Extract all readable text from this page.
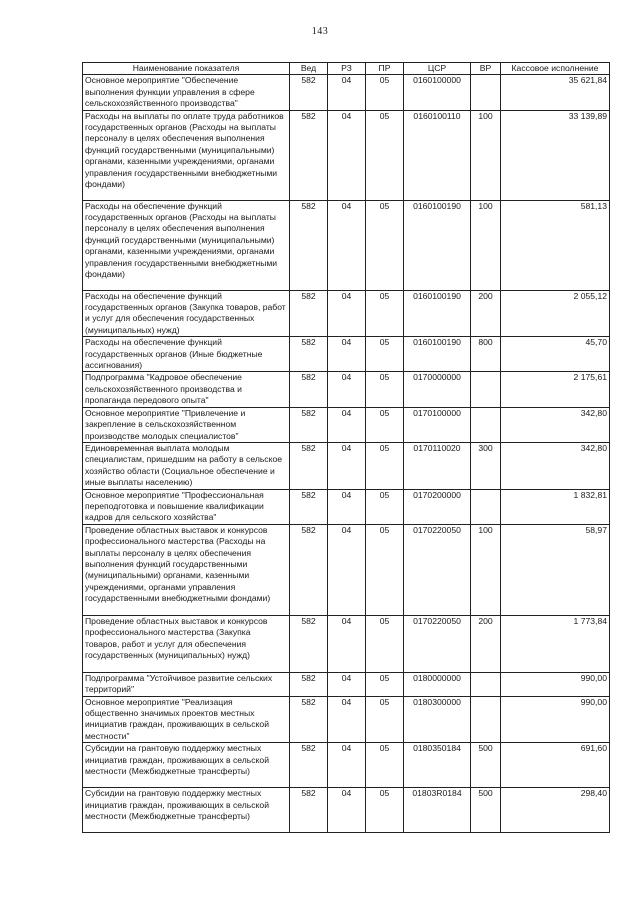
143
Наименование показателя	Вед	РЗ	ПР	ЦСР	ВР	Кассовое исполнение
Основное мероприятие "Обеспечение выполнения функции управления в сфере сельскохозяйственного производства"	582	04	05	0160100000		35 621,84
Расходы на выплаты по оплате труда работников государственных органов (Расходы на выплаты персоналу в целях обеспечения выполнения функций государственными (муниципальными) органами, казенными учреждениями, органами управления государственными внебюджетными фондами)	582	04	05	0160100110	100	33 139,89
Расходы на обеспечение функций государственных органов (Расходы на выплаты персоналу в целях обеспечения выполнения функций государственными (муниципальными) органами, казенными учреждениями, органами управления государственными внебюджетными фондами)	582	04	05	0160100190	100	581,13
Расходы на обеспечение функций государственных органов (Закупка товаров, работ и услуг для обеспечения государственных (муниципальных) нужд)	582	04	05	0160100190	200	2 055,12
Расходы на обеспечение функций государственных органов (Иные бюджетные ассигнования)	582	04	05	0160100190	800	45,70
Подпрограмма "Кадровое обеспечение сельскохозяйственного производства и пропаганда передового опыта"	582	04	05	0170000000		2 175,61
Основное мероприятие "Привлечение и закрепление в сельскохозяйственном производстве молодых специалистов"	582	04	05	0170100000		342,80
Единовременная выплата молодым специалистам, пришедшим на работу в сельское хозяйство области (Социальное обеспечение и иные выплаты населению)	582	04	05	0170110020	300	342,80
Основное мероприятие "Профессиональная переподготовка и повышение квалификации кадров для сельского хозяйства"	582	04	05	0170200000		1 832,81
Проведение областных выставок и конкурсов профессионального мастерства (Расходы на выплаты персоналу в целях обеспечения выполнения функций государственными (муниципальными) органами, казенными учреждениями, органами управления государственными внебюджетными фондами)	582	04	05	0170220050	100	58,97
Проведение областных выставок и конкурсов профессионального мастерства (Закупка товаров, работ и услуг для обеспечения государственных (муниципальных) нужд)	582	04	05	0170220050	200	1 773,84
Подпрограмма "Устойчивое развитие сельских территорий"	582	04	05	0180000000		990,00
Основное мероприятие "Реализация общественно значимых проектов местных инициатив граждан, проживающих в сельской местности"	582	04	05	0180300000		990,00
Субсидии на грантовую поддержку местных инициатив граждан, проживающих в сельской местности (Межбюджетные трансферты)	582	04	05	0180350184	500	691,60
Субсидии на грантовую поддержку местных инициатив граждан, проживающих в сельской местности (Межбюджетные трансферты)	582	04	05	01803R0184	500	298,40
